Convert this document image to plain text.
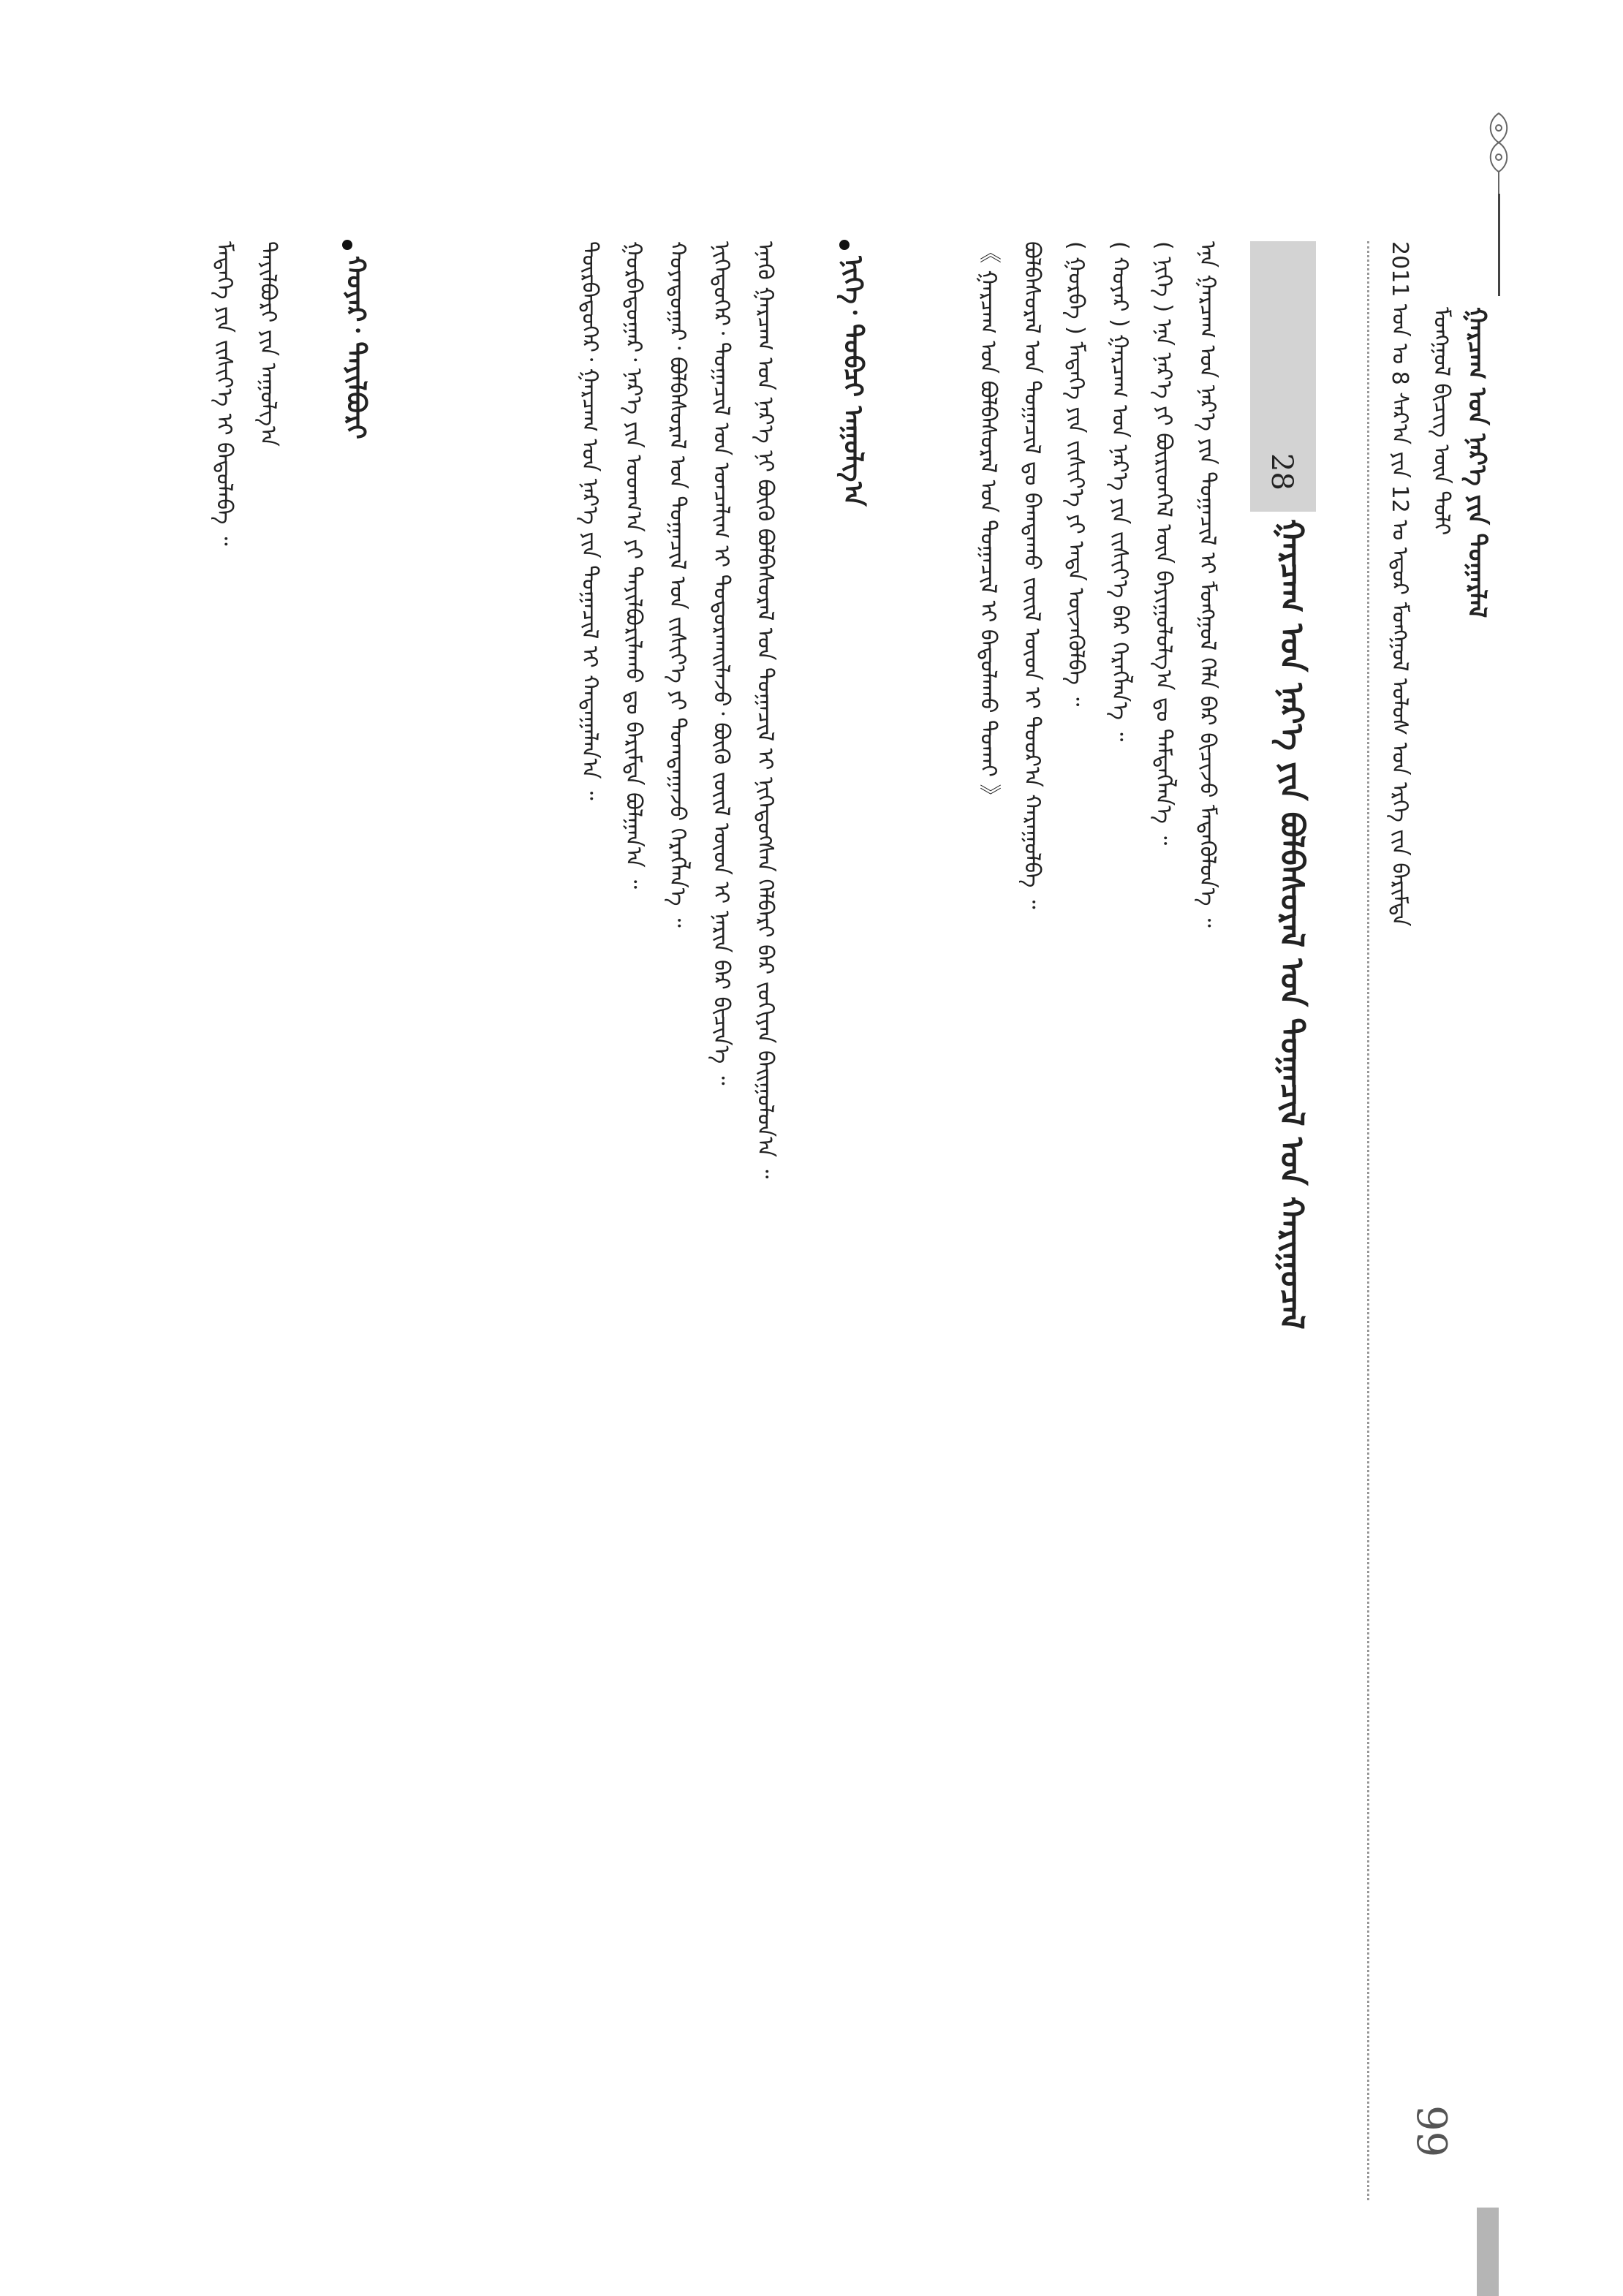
ᠭᠠᠷᠴᠠᠭ ᠤᠨ ᠨᠡᠷ᠎ᠡ ᠶᠢᠨ ᠳᠤᠭᠠᠷᠯᠠᠯ
ᠮᠣᠩᠭᠣᠯ ᠪᠢᠴᠢᠭ᠌ ᠦᠨ ᠲᠣᠯᠢ
2011 ᠣᠨ ᠤ 8 ᠰᠠᠷ᠎ᠠ ᠶᠢᠨ 12 ᠤ ᠡᠳᠦᠷ ᠮᠣᠩᠭᠣᠯ ᠤᠯᠤᠰ ᠤᠨ ᠡᠷᠬᠡ ᠵᠢᠨ ᠪᠠᠷᠢᠮᠲᠠ
28
ᠭᠠᠷᠴᠠᠭ ᠤᠨ ᠨᠡᠷ᠎ᠡ ᠶᠢᠨ ᠪᠣᠯᠪᠠᠰᠤᠷᠠᠯ ᠤᠨ ᠲᠣᠭᠠᠴᠢᠯ ᠤᠨ ᠬᠠᠷᠢᠭᠤᠴᠠᠯ
ᠡᠨᠡ ᠭᠠᠷᠴᠠᠭ ᠤᠨ ᠨᠡᠷ᠎ᠡ ᠶᠢᠨ ᠲᠣᠭᠠᠴᠢᠯ ᠢ ᠮᠣᠩᠭᠣᠯ ᠬᠡᠯᠡ ᠪᠡᠷ ᠪᠢᠴᠢᠵᠦ ᠮᠡᠳᠡᠭᠦᠯᠦᠨ᠎ᠡ ᠃
( ᠨᠢᠭᠡ ) ᠡᠨᠡ ᠨᠡᠷ᠎ᠡ ᠶᠢ ᠪᠦᠷᠢᠳᠬᠡᠯ ᠦᠨ ᠪᠠᠶᠢᠭᠤᠯᠤᠯᠭ᠎ᠠ ᠳᠤ ᠲᠡᠮᠳᠡᠭᠯᠡᠨ᠎ᠡ ᠃
( ᠬᠣᠶᠠᠷ ) ᠭᠠᠷᠴᠠᠭ ᠤᠨ ᠨᠡᠷ᠎ᠡ ᠶᠢᠨ ᠵᠢᠱᠢᠶ᠎ᠡ ᠪᠡᠷ ᠬᠡᠷᠡᠭᠯᠡᠨ᠎ᠡ ᠃
( ᠭᠤᠷᠪᠠ ) ᠮᠡᠳᠡᠭᠡ ᠶᠢᠨ ᠵᠢᠱᠢᠶ᠎ᠡ ᠶᠢ ᠡᠨᠳᠡ ᠦᠵᠡᠭᠦᠯᠪᠡ ᠃
ᠪᠣᠯᠪᠠᠰᠤᠷᠠᠯ ᠤᠨ ᠲᠣᠭᠠᠴᠢᠯ ᠳᠤ ᠪᠠᠭᠳᠠᠬᠤ ᠵᠦᠢᠯ ᠦᠳ ᠢ ᠳᠣᠣᠷ᠎ᠠ ᠬᠠᠷᠠᠭᠤᠯᠪᠠ ᠃
《 ᠭᠠᠷᠴᠠᠭ ᠤᠨ ᠪᠣᠯᠪᠠᠰᠤᠷᠠᠯ ᠤᠨ ᠲᠣᠭᠠᠴᠢᠯ ᠢ ᠪᠠᠲᠤᠯᠠᠬᠤ ᠲᠤᠬᠠᠢ 》
ᠨᠢᠭᠡ᠂ ᠲᠣᠪᠴᠢ ᠠᠭᠤᠯᠭ᠎ᠠ
ᠡᠨᠡᠬᠦ ᠭᠠᠷᠴᠠᠭ ᠤᠨ ᠨᠡᠷ᠎ᠡ ᠨᠢ ᠪᠦᠬᠦ ᠪᠣᠯᠪᠠᠰᠤᠷᠠᠯ ᠤᠨ ᠲᠣᠭᠠᠴᠢᠯ ᠢ ᠨᠢᠭᠡᠳᠦᠭᠰᠡᠨ ᠬᠡᠯᠪᠡᠷᠢ ᠪᠡᠷ ᠵᠣᠬᠢᠶᠠᠨ ᠪᠠᠢᠭᠤᠯᠤᠨ᠎ᠠ ᠃
ᠨᠢᠭᠡᠳᠦᠭᠡᠷ᠂ ᠲᠣᠭᠠᠴᠢᠯ ᠤᠨ ᠣᠨᠴᠠᠯᠢᠭ ᠢ ᠲᠣᠳᠣᠷᠬᠠᠢᠯᠠᠵᠤ᠂ ᠪᠦᠬᠦ ᠵᠦᠢᠯ ᠦᠳ ᠢ ᠨᠠᠷᠢᠨ ᠪᠠᠷ ᠪᠢᠴᠢᠨ᠎ᠡ ᠃
ᠬᠣᠶᠠᠳᠤᠭᠠᠷ᠂ ᠪᠣᠯᠪᠠᠰᠤᠷᠠᠯ ᠤᠨ ᠲᠣᠭᠠᠴᠢᠯ ᠤᠨ ᠵᠢᠱᠢᠶ᠎ᠡ ᠶᠢ ᠲᠣᠭᠲᠠᠭᠠᠵᠤ ᠬᠡᠷᠡᠭᠯᠡᠨ᠎ᠡ ᠃
ᠭᠤᠷᠪᠠᠳᠤᠭᠠᠷ᠂ ᠨᠡᠷ᠎ᠡ ᠶᠢᠨ ᠤᠳᠬ᠎ᠠ ᠶᠢ ᠲᠠᠶᠢᠯᠪᠤᠷᠢᠯᠠᠬᠤ ᠳᠤ ᠪᠠᠷᠢᠮᠲᠠ ᠪᠣᠯᠭᠠᠨ᠎ᠠ ᠃
ᠳᠥᠷᠪᠡᠳᠦᠭᠡᠷ᠂ ᠭᠠᠷᠴᠠᠭ ᠤᠨ ᠨᠡᠷ᠎ᠡ ᠶᠢᠨ ᠲᠣᠭᠠᠴᠢᠯ ᠢ ᠬᠠᠳᠠᠭᠠᠯᠠᠨ᠎ᠠ ᠃
ᠬᠣᠶᠠᠷ᠂ ᠲᠠᠶᠢᠯᠪᠤᠷᠢ
ᠲᠠᠶᠢᠯᠪᠤᠷᠢ ᠶᠢᠨ ᠠᠭᠤᠯᠭ᠎ᠠ
ᠮᠡᠳᠡᠭᠡ ᠶᠢᠨ ᠵᠢᠱᠢᠶ᠎ᠡ ᠢ ᠪᠠᠲᠤᠯᠠᠪᠠ ᠃
99
